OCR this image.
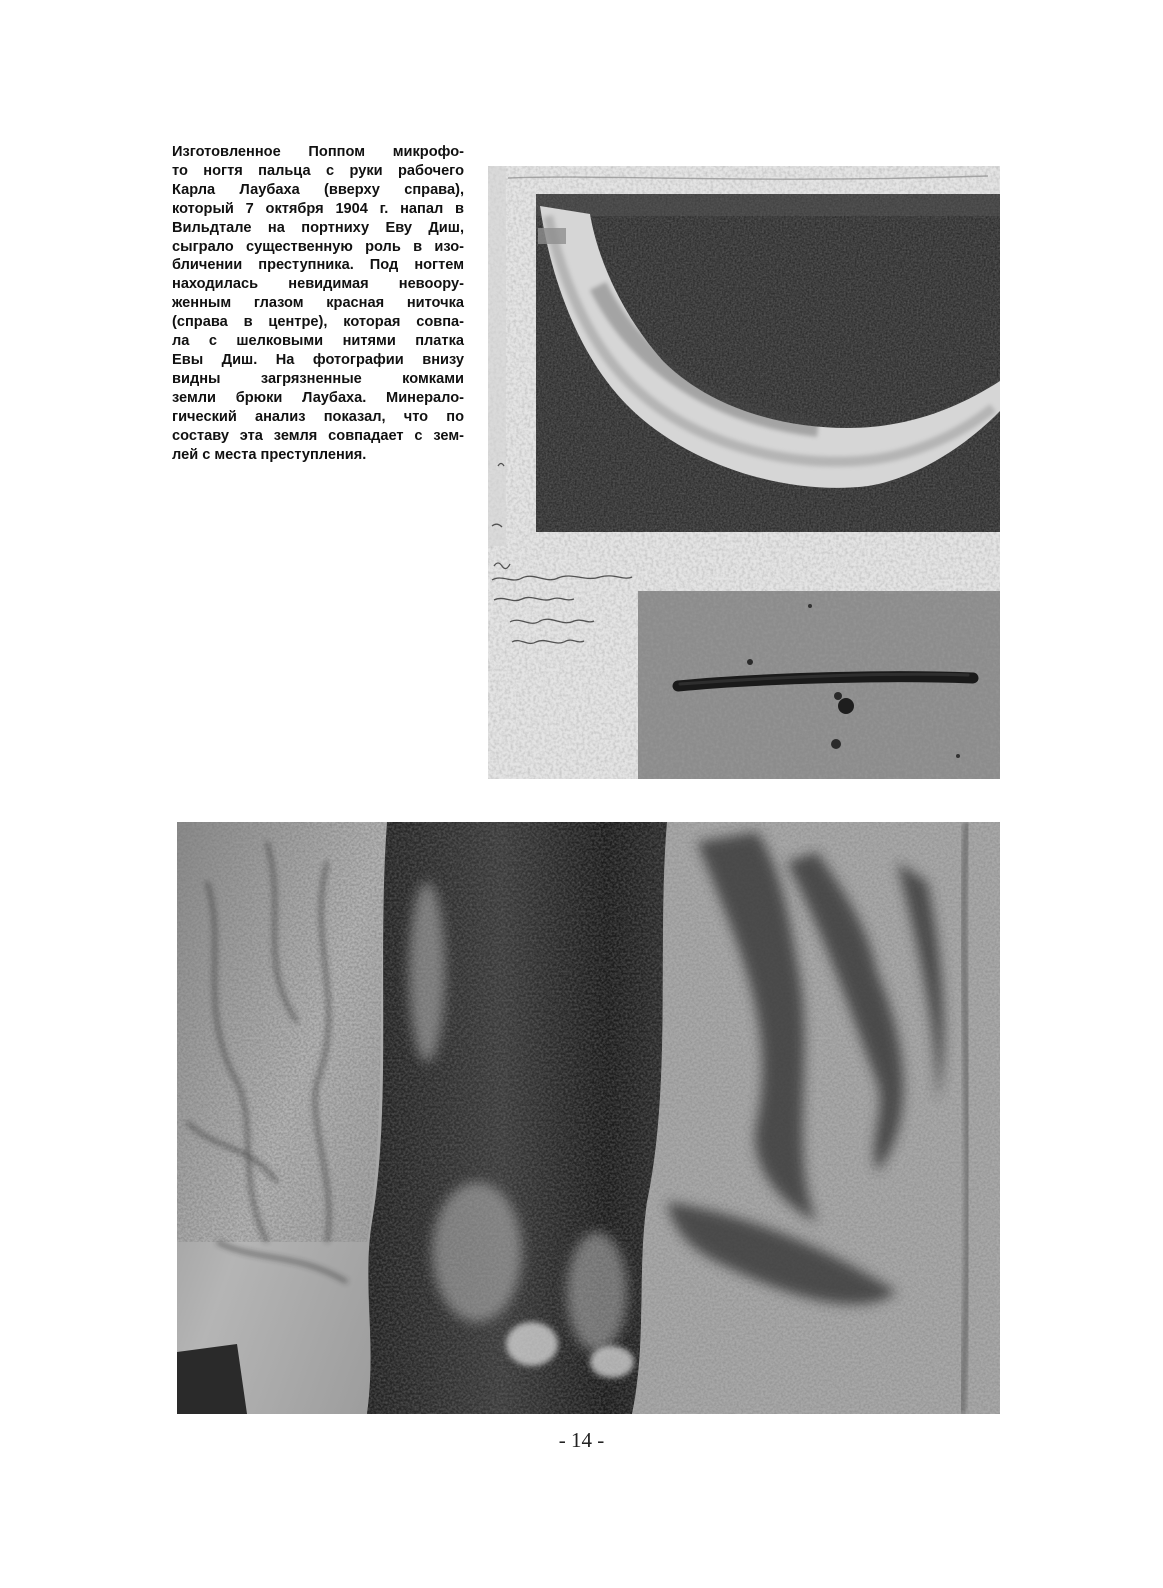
Изготовленное Поппом микрофо-
то ногтя пальца с руки рабочего
Карла Лаубаха (вверху справа),
который 7 октября 1904 г. напал в
Вильдтале на портниху Еву Диш,
сыграло существенную роль в изо-
бличении преступника. Под ногтем
находилась невидимая невоору-
женным глазом красная ниточка
(справа в центре), которая совпа-
ла с шелковыми нитями платка
Евы Диш. На фотографии внизу
видны загрязненные комками
земли брюки Лаубаха. Минерало-
гический анализ показал, что по
составу эта земля совпадает с зем-
лей с места преступления.
- 14 -
